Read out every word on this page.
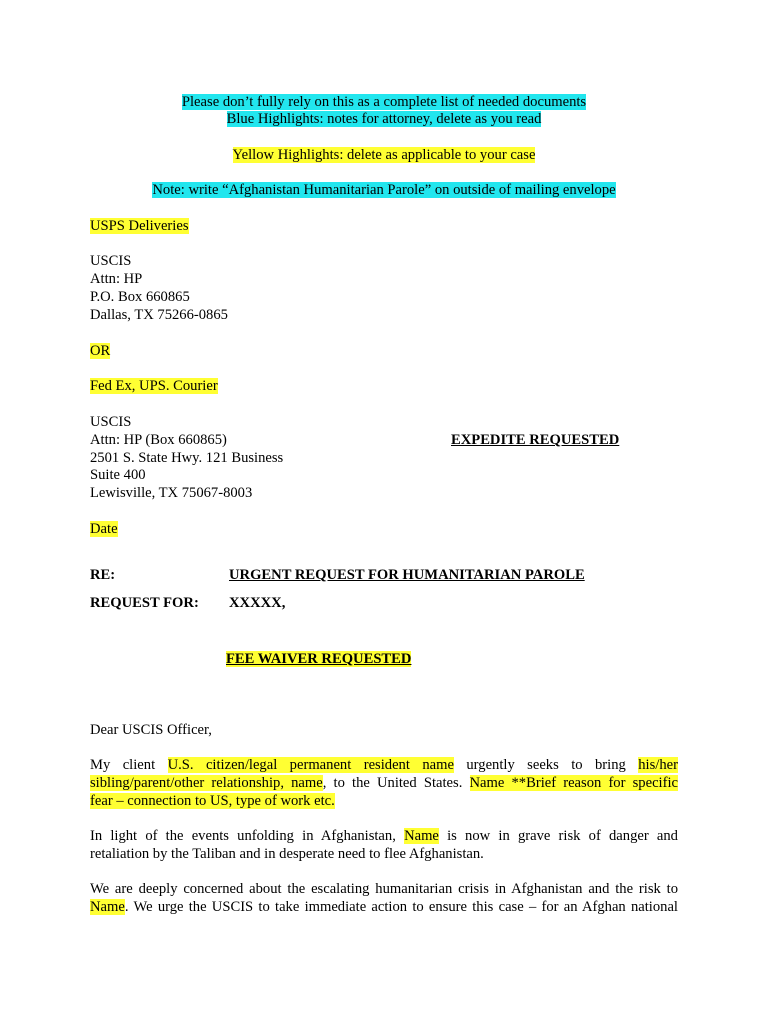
Please don’t fully rely on this as a complete list of needed documents
Blue Highlights: notes for attorney, delete as you read
Yellow Highlights: delete as applicable to your case
Note: write “Afghanistan Humanitarian Parole” on outside of mailing envelope
USPS Deliveries
USCIS
Attn: HP
P.O. Box 660865
Dallas, TX 75266-0865
OR
Fed Ex, UPS. Courier
USCIS
Attn: HP (Box 660865)	EXPEDITE REQUESTED
2501 S. State Hwy. 121 Business
Suite 400
Lewisville, TX 75067-8003
Date
RE:	URGENT REQUEST FOR HUMANITARIAN PAROLE
REQUEST FOR: XXXXX,
FEE WAIVER REQUESTED
Dear USCIS Officer,
My client U.S. citizen/legal permanent resident name urgently seeks to bring his/her
sibling/parent/other relationship, name, to the United States. Name **Brief reason for specific
fear – connection to US, type of work etc.
In light of the events unfolding in Afghanistan, Name is now in grave risk of danger and
retaliation by the Taliban and in desperate need to flee Afghanistan.
We are deeply concerned about the escalating humanitarian crisis in Afghanistan and the risk to
Name. We urge the USCIS to take immediate action to ensure this case – for an Afghan national
